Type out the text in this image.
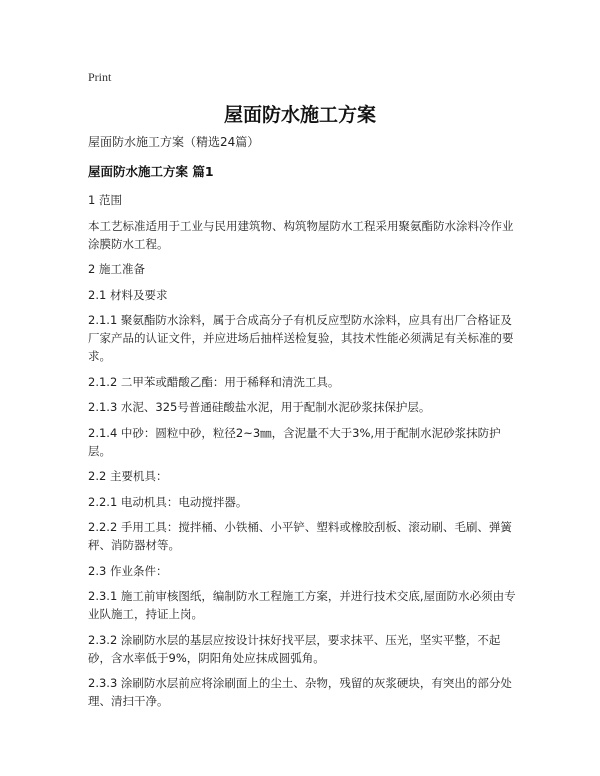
Print
屋面防水施工方案

屋面防水施工方案（精选24篇）

屋面防水施工方案 篇1

1 范围

本工艺标准适用于工业与民用建筑物、构筑物屋防水工程采用聚氨酯防水涂料冷作业涂膜防水工程。

2 施工准备

2.1 材料及要求

2.1.1 聚氨酯防水涂料，属于合成高分子有机反应型防水涂料，应具有出厂合格证及厂家产品的认证文件，并应进场后抽样送检复验，其技术性能必须满足有关标准的要求。

2.1.2 二甲苯或醋酸乙酯：用于稀释和清洗工具。

2.1.3 水泥、325号普通硅酸盐水泥，用于配制水泥砂浆抹保护层。

2.1.4 中砂：圆粒中砂，粒径2~3㎜，含泥量不大于3%,用于配制水泥砂浆抹防护层。

2.2 主要机具：

2.2.1 电动机具：电动搅拌器。

2.2.2 手用工具：搅拌桶、小铁桶、小平铲、塑料或橡胶刮板、滚动刷、毛刷、弹簧秤、消防器材等。

2.3 作业条件：

2.3.1 施工前审核图纸，编制防水工程施工方案，并进行技术交底,屋面防水必须由专业队施工，持证上岗。

2.3.2 涂刷防水层的基层应按设计抹好找平层，要求抹平、压光，坚实平整，不起砂，含水率低于9%，阴阳角处应抹成圆弧角。

2.3.3 涂刷防水层前应将涂刷面上的尘土、杂物，残留的灰浆硬块，有突出的部分处理、清扫干净。
